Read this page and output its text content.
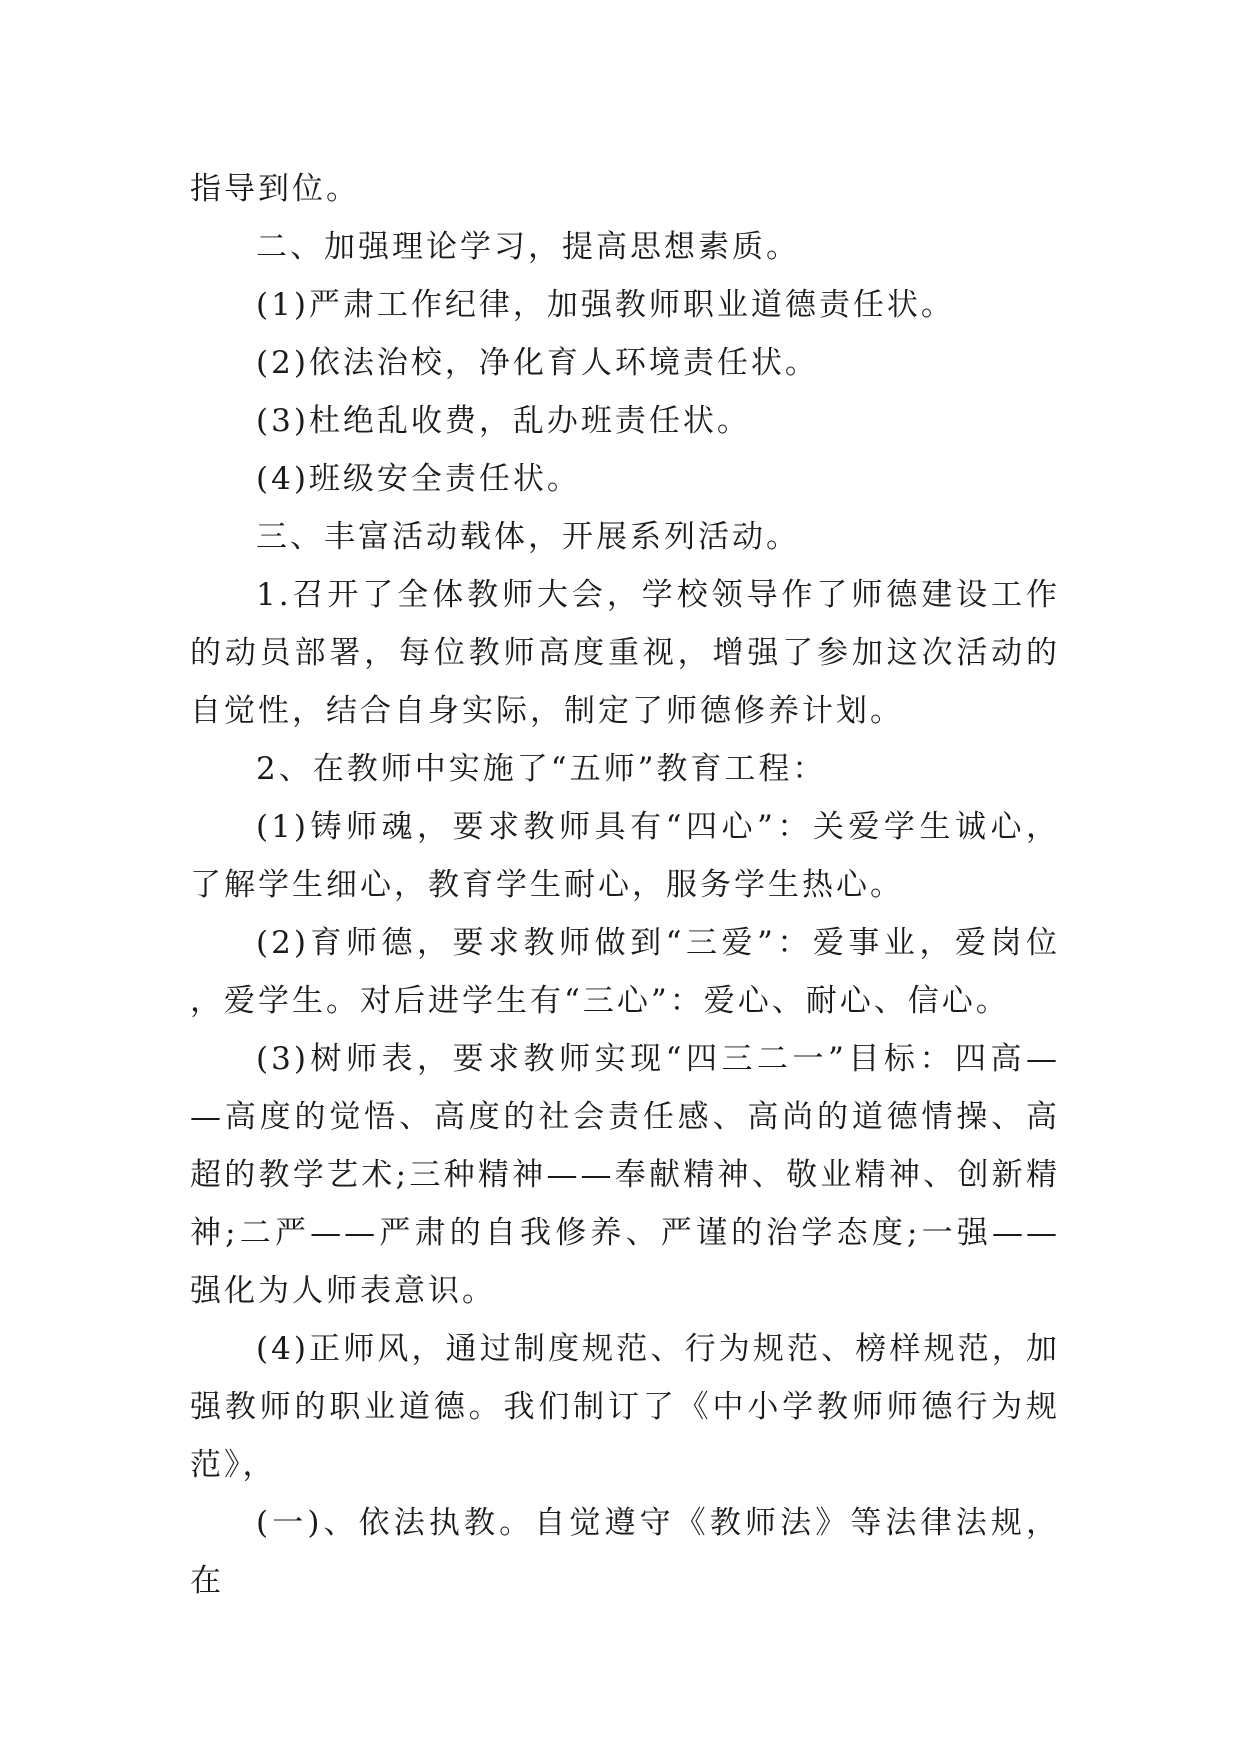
指导到位。

二、加强理论学习，提高思想素质。

(1)严肃工作纪律，加强教师职业道德责任状。

(2)依法治校，净化育人环境责任状。

(3)杜绝乱收费，乱办班责任状。

(4)班级安全责任状。

三、丰富活动载体，开展系列活动。

1.召开了全体教师大会，学校领导作了师德建设工作的动员部署，每位教师高度重视，增强了参加这次活动的自觉性，结合自身实际，制定了师德修养计划。

2、在教师中实施了“五师”教育工程：

(1)铸师魂，要求教师具有“四心”：关爱学生诚心，了解学生细心，教育学生耐心，服务学生热心。

(2)育师德，要求教师做到“三爱”：爱事业，爱岗位，爱学生。对后进学生有“三心”：爱心、耐心、信心。

(3)树师表，要求教师实现“四三二一”目标：四高——高度的觉悟、高度的社会责任感、高尚的道德情操、高超的教学艺术;三种精神——奉献精神、敬业精神、创新精神;二严——严肃的自我修养、严谨的治学态度;一强——强化为人师表意识。

(4)正师风，通过制度规范、行为规范、榜样规范，加强教师的职业道德。我们制订了《中小学教师师德行为规范》，

(一)、依法执教。自觉遵守《教师法》等法律法规，在
